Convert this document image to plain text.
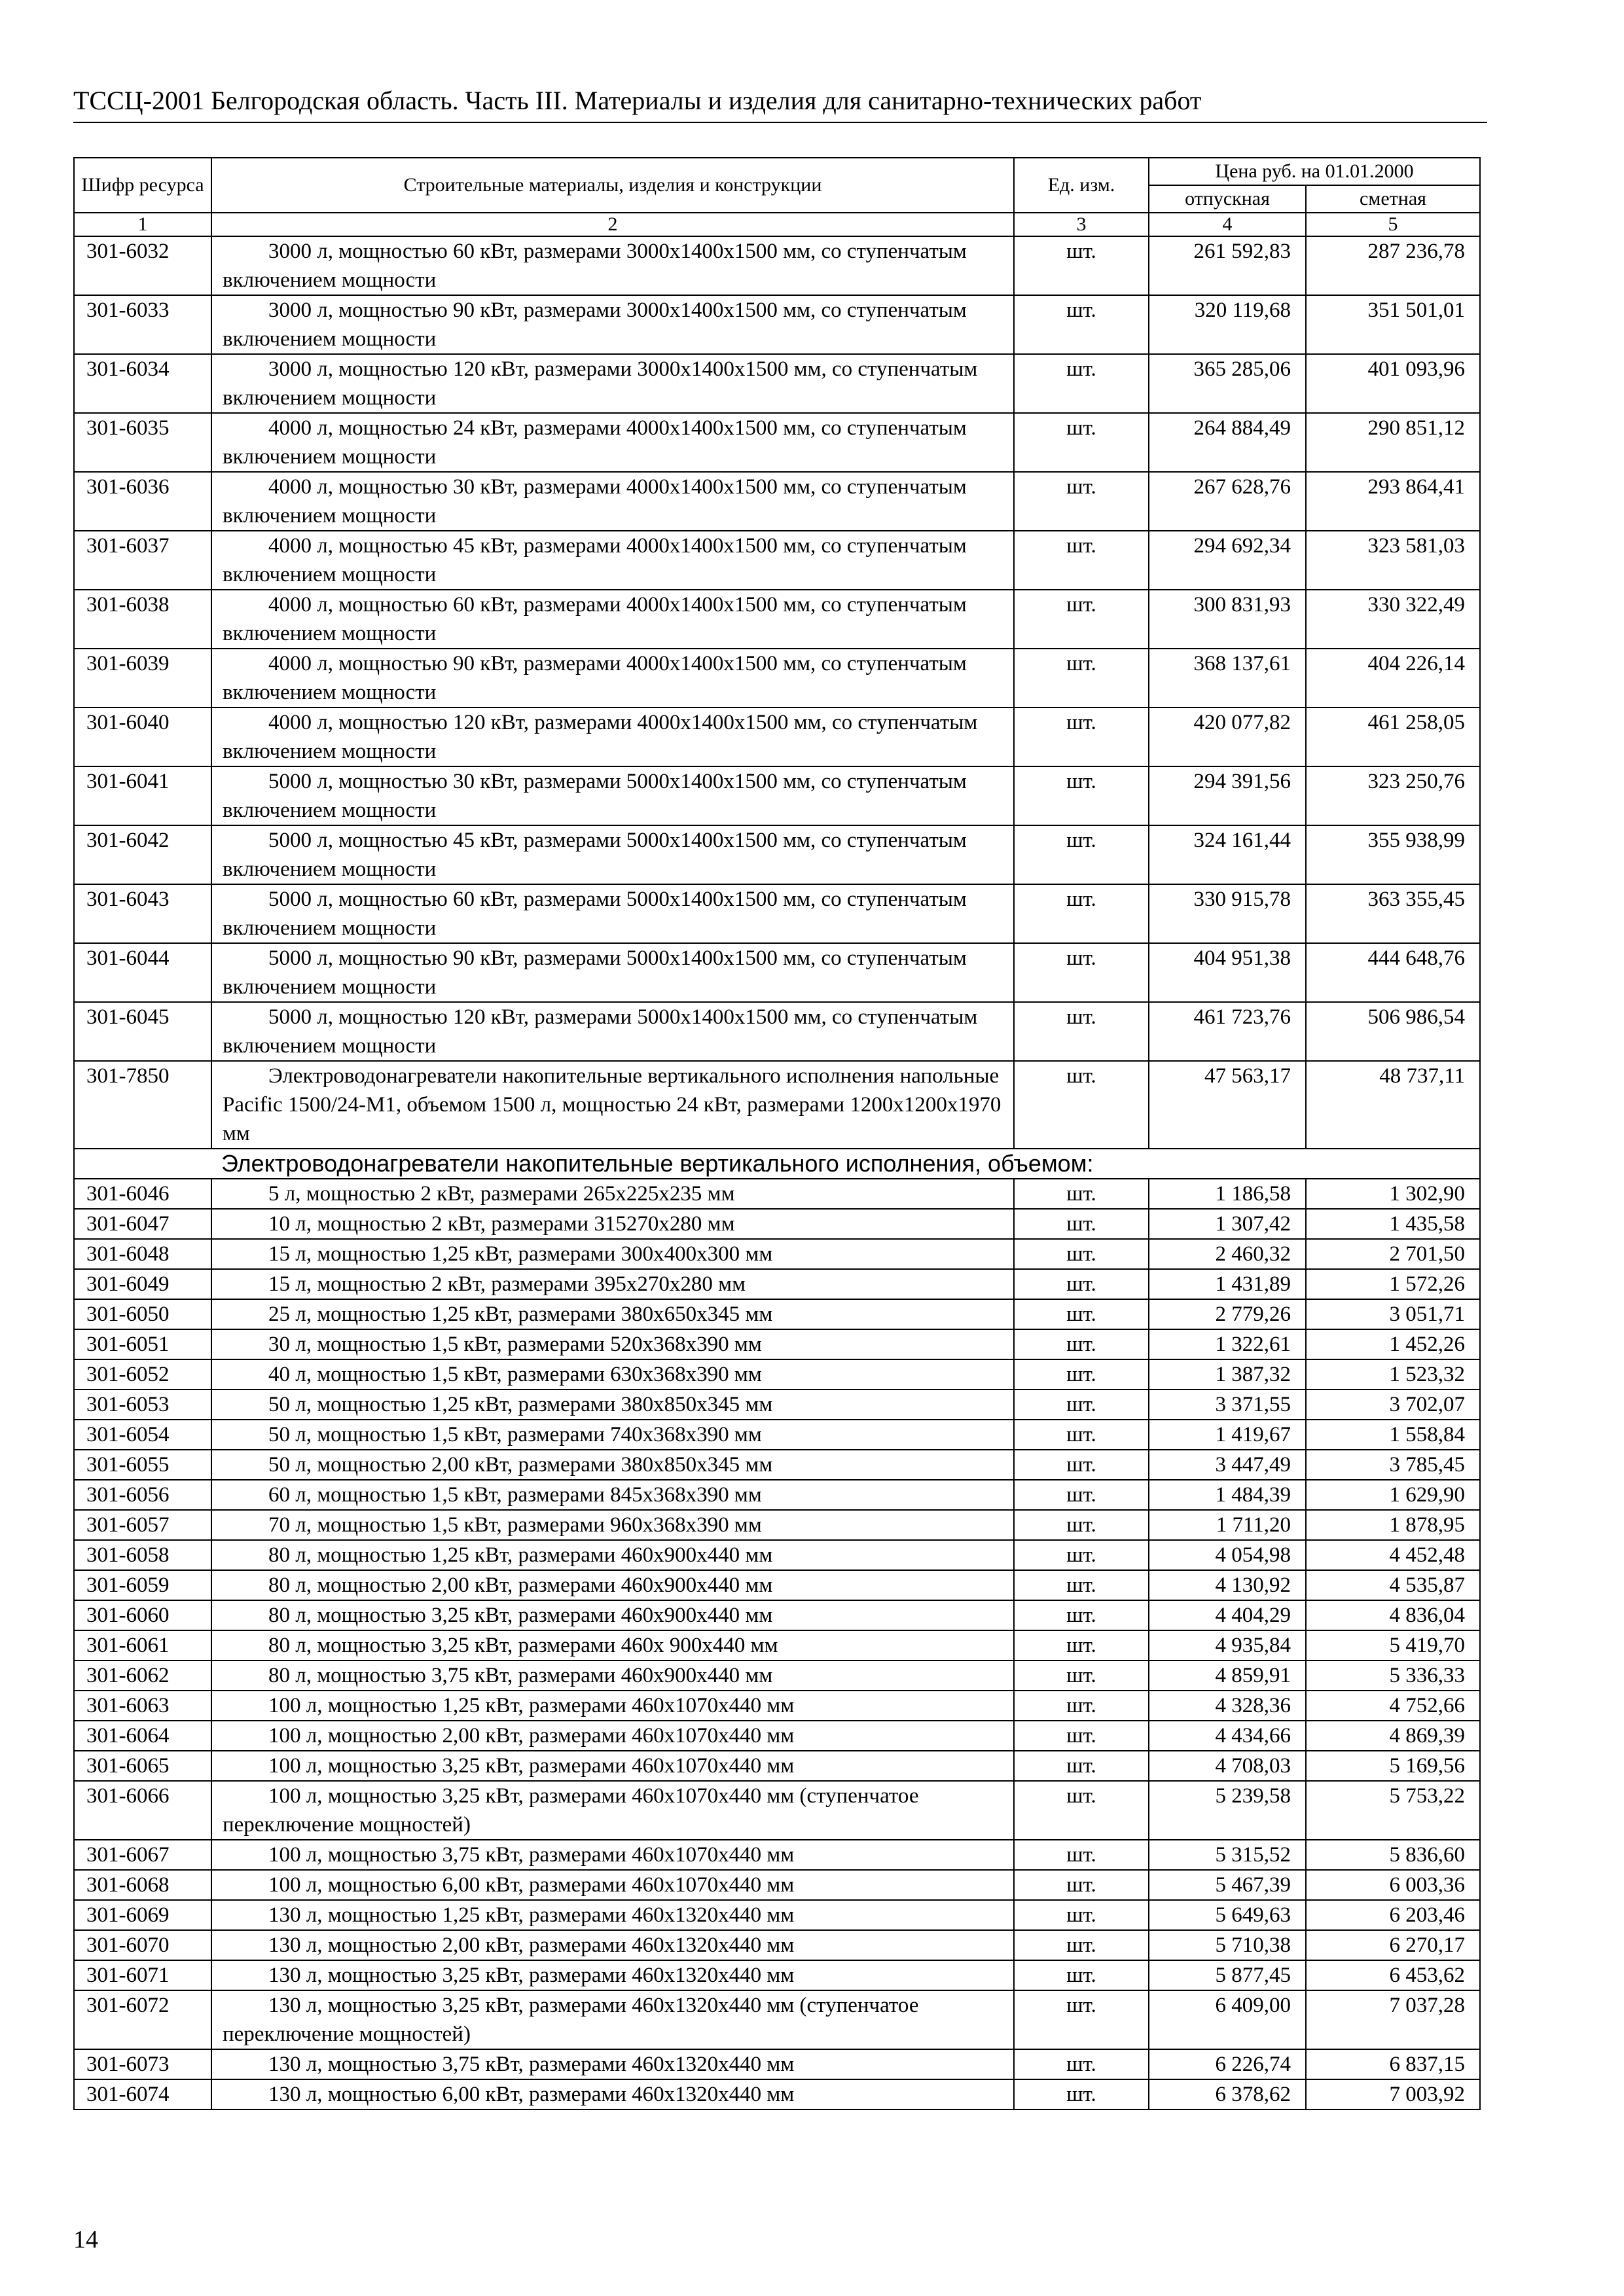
ТССЦ-2001 Белгородская область. Часть III. Материалы и изделия для санитарно-технических работ
Шифр ресурса	Строительные материалы, изделия и конструкции	Ед. изм.	Цена руб. на 01.01.2000	
			отпускная	сметная
1	2	3	4	5
301-6032	3000 л, мощностью 60 кВт, размерами 3000х1400х1500 мм, со ступенчатым включением мощности	шт.	261 592,83	287 236,78
301-6033	3000 л, мощностью 90 кВт, размерами 3000х1400х1500 мм, со ступенчатым включением мощности	шт.	320 119,68	351 501,01
301-6034	3000 л, мощностью 120 кВт, размерами 3000х1400х1500 мм, со ступенчатым включением мощности	шт.	365 285,06	401 093,96
301-6035	4000 л, мощностью 24 кВт, размерами 4000х1400х1500 мм, со ступенчатым включением мощности	шт.	264 884,49	290 851,12
301-6036	4000 л, мощностью 30 кВт, размерами 4000х1400х1500 мм, со ступенчатым включением мощности	шт.	267 628,76	293 864,41
301-6037	4000 л, мощностью 45 кВт, размерами 4000х1400х1500 мм, со ступенчатым включением мощности	шт.	294 692,34	323 581,03
301-6038	4000 л, мощностью 60 кВт, размерами 4000х1400х1500 мм, со ступенчатым включением мощности	шт.	300 831,93	330 322,49
301-6039	4000 л, мощностью 90 кВт, размерами 4000х1400х1500 мм, со ступенчатым включением мощности	шт.	368 137,61	404 226,14
301-6040	4000 л, мощностью 120 кВт, размерами 4000х1400х1500 мм, со ступенчатым включением мощности	шт.	420 077,82	461 258,05
301-6041	5000 л, мощностью 30 кВт, размерами 5000х1400х1500 мм, со ступенчатым включением мощности	шт.	294 391,56	323 250,76
301-6042	5000 л, мощностью 45 кВт, размерами 5000х1400х1500 мм, со ступенчатым включением мощности	шт.	324 161,44	355 938,99
301-6043	5000 л, мощностью 60 кВт, размерами 5000х1400х1500 мм, со ступенчатым включением мощности	шт.	330 915,78	363 355,45
301-6044	5000 л, мощностью 90 кВт, размерами 5000х1400х1500 мм, со ступенчатым включением мощности	шт.	404 951,38	444 648,76
301-6045	5000 л, мощностью 120 кВт, размерами 5000х1400х1500 мм, со ступенчатым включением мощности	шт.	461 723,76	506 986,54
301-7850	Электроводонагреватели накопительные вертикального исполнения напольные Pacific 1500/24-M1, объемом 1500 л, мощностью 24 кВт, размерами 1200х1200х1970 мм	шт.	47 563,17	48 737,11
Электроводонагреватели накопительные вертикального исполнения, объемом:				
301-6046	5 л, мощностью 2 кВт, размерами 265х225х235 мм	шт.	1 186,58	1 302,90
301-6047	10 л, мощностью 2 кВт, размерами 315270х280 мм	шт.	1 307,42	1 435,58
301-6048	15 л, мощностью 1,25 кВт, размерами 300х400х300 мм	шт.	2 460,32	2 701,50
301-6049	15 л, мощностью 2 кВт, размерами 395х270х280 мм	шт.	1 431,89	1 572,26
301-6050	25 л, мощностью 1,25 кВт, размерами 380х650х345 мм	шт.	2 779,26	3 051,71
301-6051	30 л, мощностью 1,5 кВт, размерами 520х368х390 мм	шт.	1 322,61	1 452,26
301-6052	40 л, мощностью 1,5 кВт, размерами 630х368х390 мм	шт.	1 387,32	1 523,32
301-6053	50 л, мощностью 1,25 кВт, размерами 380х850х345 мм	шт.	3 371,55	3 702,07
301-6054	50 л, мощностью 1,5 кВт, размерами 740х368х390 мм	шт.	1 419,67	1 558,84
301-6055	50 л, мощностью 2,00 кВт, размерами 380х850х345 мм	шт.	3 447,49	3 785,45
301-6056	60 л, мощностью 1,5 кВт, размерами 845х368х390 мм	шт.	1 484,39	1 629,90
301-6057	70 л, мощностью 1,5 кВт, размерами 960х368х390 мм	шт.	1 711,20	1 878,95
301-6058	80 л, мощностью 1,25 кВт, размерами 460х900х440 мм	шт.	4 054,98	4 452,48
301-6059	80 л, мощностью 2,00 кВт, размерами 460х900х440 мм	шт.	4 130,92	4 535,87
301-6060	80 л, мощностью 3,25 кВт, размерами 460х900х440 мм	шт.	4 404,29	4 836,04
301-6061	80 л, мощностью 3,25 кВт, размерами 460х 900х440 мм	шт.	4 935,84	5 419,70
301-6062	80 л, мощностью 3,75 кВт, размерами 460х900х440 мм	шт.	4 859,91	5 336,33
301-6063	100 л, мощностью 1,25 кВт, размерами 460х1070х440 мм	шт.	4 328,36	4 752,66
301-6064	100 л, мощностью 2,00 кВт, размерами 460х1070х440 мм	шт.	4 434,66	4 869,39
301-6065	100 л, мощностью 3,25 кВт, размерами 460х1070х440 мм	шт.	4 708,03	5 169,56
301-6066	100 л, мощностью 3,25 кВт, размерами 460х1070х440 мм (ступенчатое переключение мощностей)	шт.	5 239,58	5 753,22
301-6067	100 л, мощностью 3,75 кВт, размерами 460х1070х440 мм	шт.	5 315,52	5 836,60
301-6068	100 л, мощностью 6,00 кВт, размерами 460х1070х440 мм	шт.	5 467,39	6 003,36
301-6069	130 л, мощностью 1,25 кВт, размерами 460х1320х440 мм	шт.	5 649,63	6 203,46
301-6070	130 л, мощностью 2,00 кВт, размерами 460х1320х440 мм	шт.	5 710,38	6 270,17
301-6071	130 л, мощностью 3,25 кВт, размерами 460х1320х440 мм	шт.	5 877,45	6 453,62
301-6072	130 л, мощностью 3,25 кВт, размерами 460х1320х440 мм (ступенчатое переключение мощностей)	шт.	6 409,00	7 037,28
301-6073	130 л, мощностью 3,75 кВт, размерами 460х1320х440 мм	шт.	6 226,74	6 837,15
301-6074	130 л, мощностью 6,00 кВт, размерами 460х1320х440 мм	шт.	6 378,62	7 003,92
14
